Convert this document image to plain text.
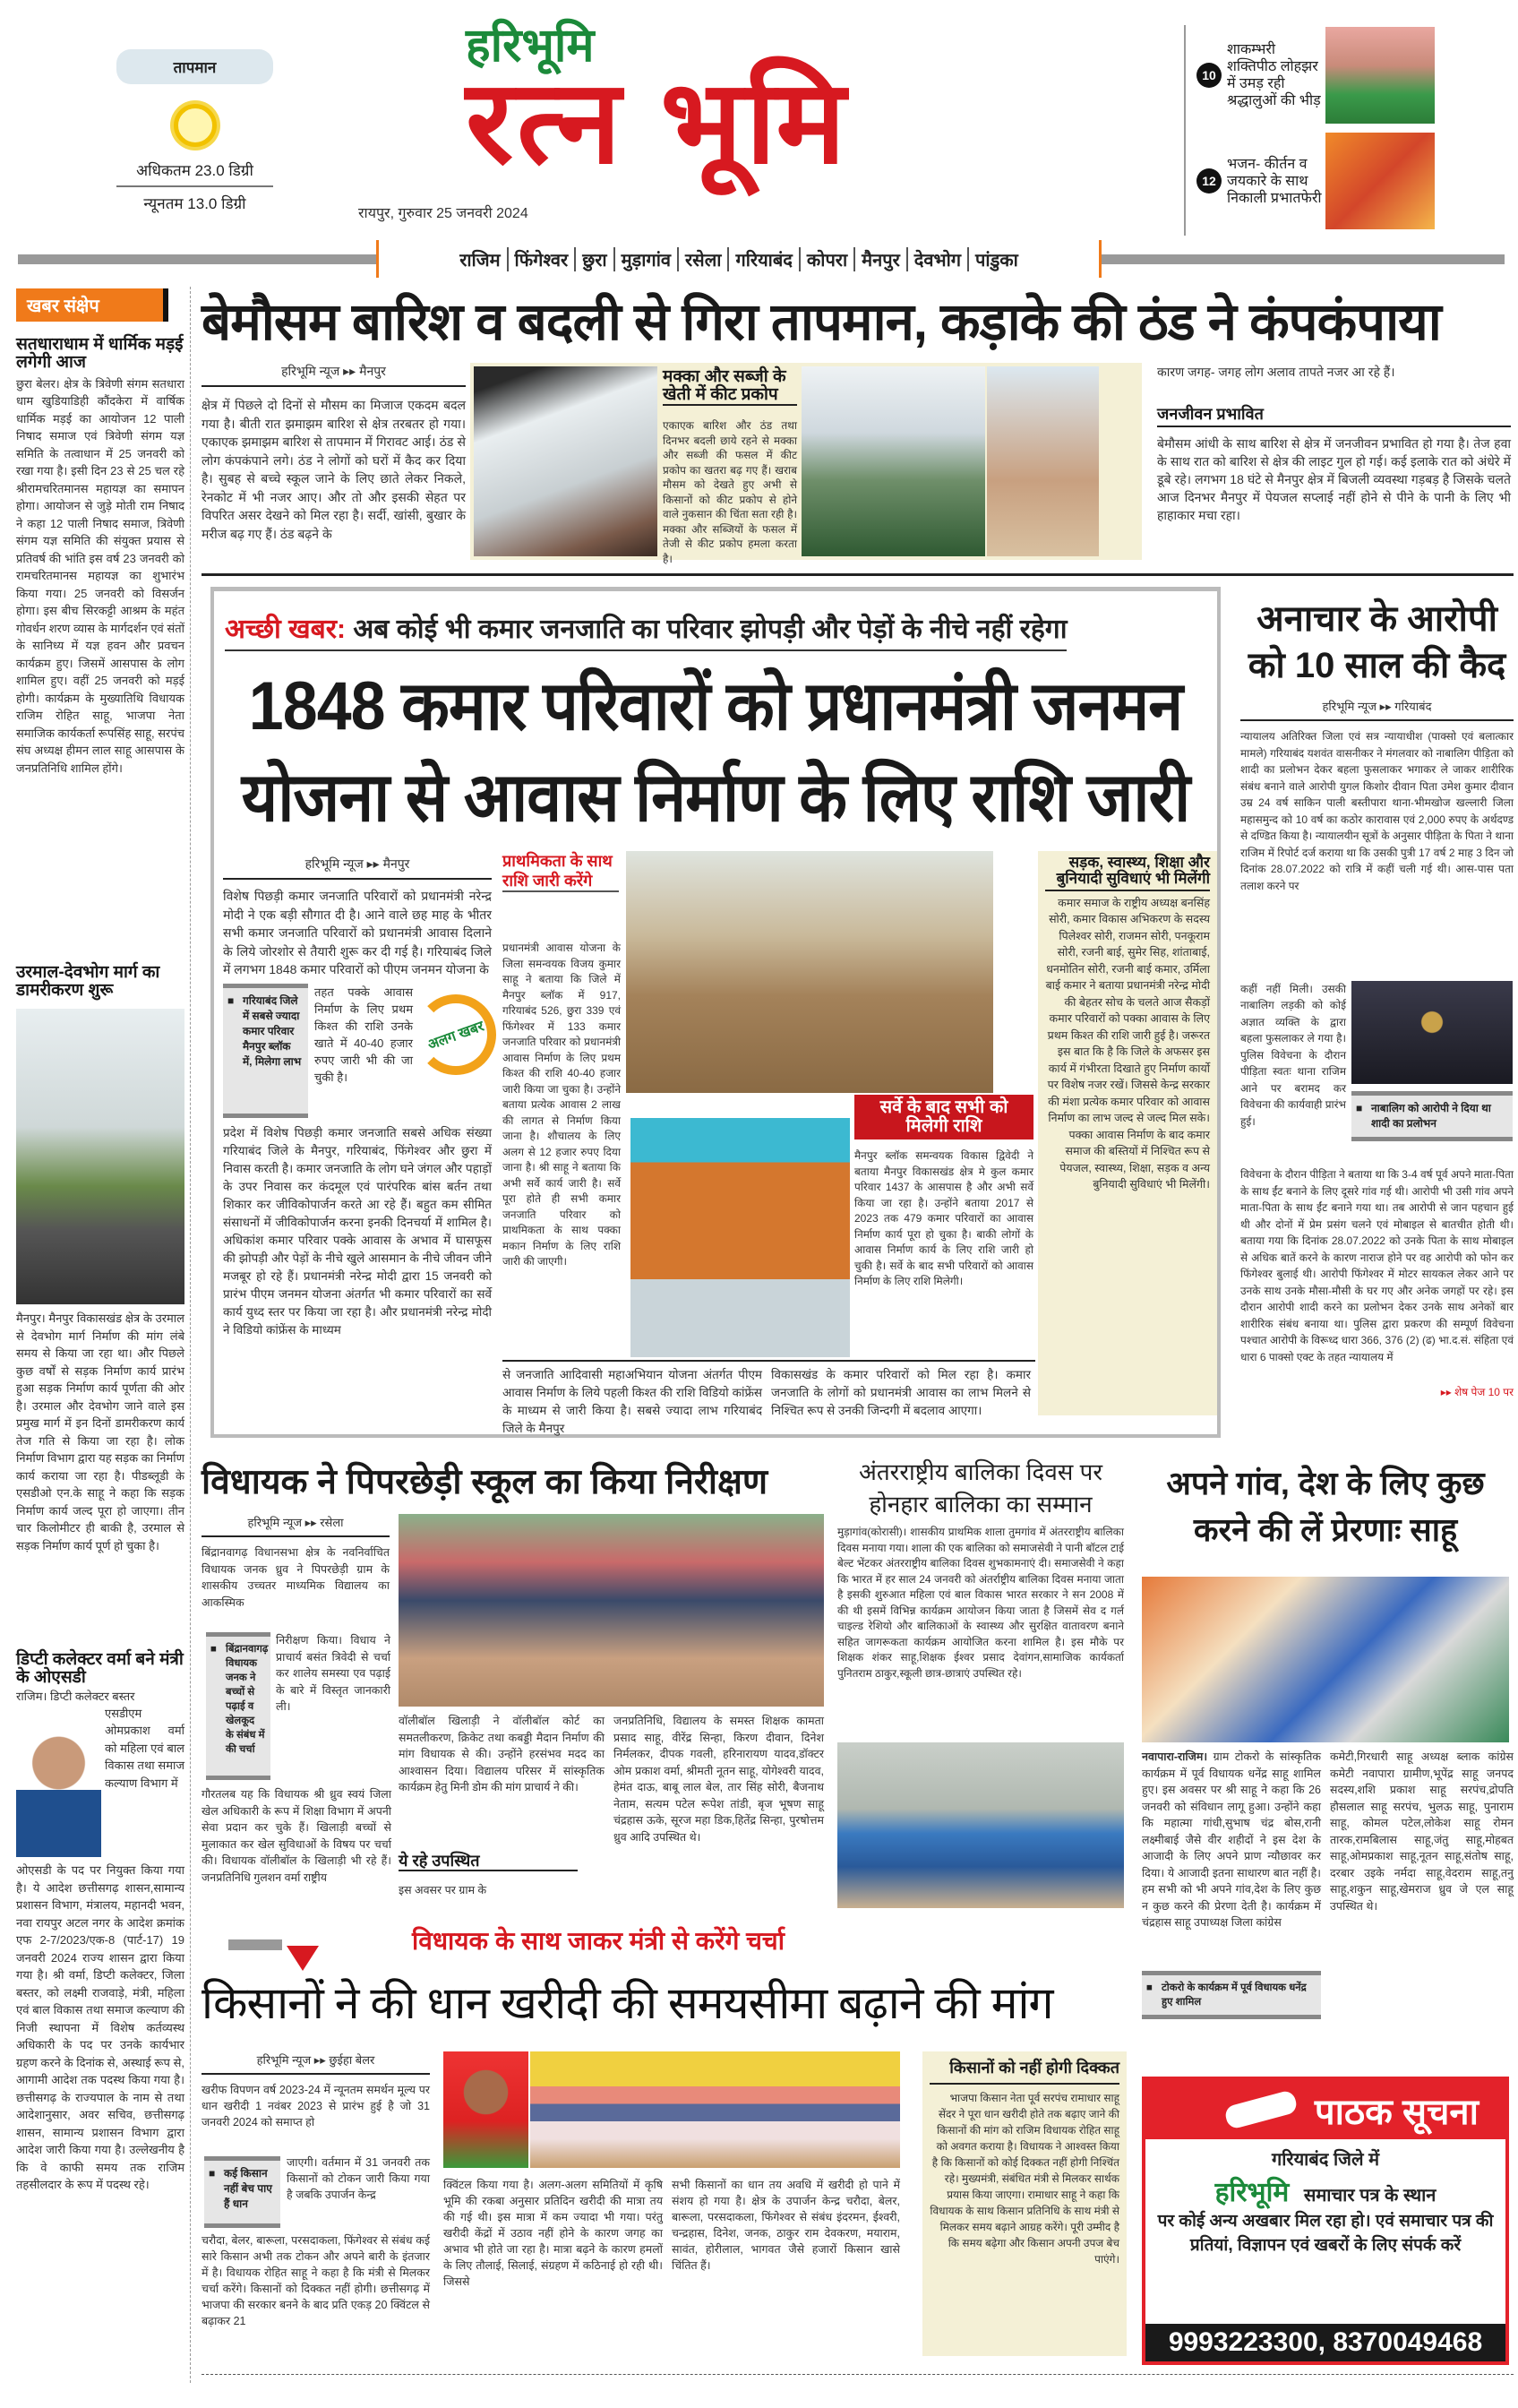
तापमान
अधिकतम 23.0 डिग्री
न्यूनतम 13.0 डिग्री
हरिभूमि
रत्न भूमि
रायपुर, गुरुवार 25 जनवरी 2024
10
शाकम्भरी शक्तिपीठ लोहझर में उमड़ रही श्रद्धालुओं की भीड़
12
भजन- कीर्तन व जयकारे के साथ निकाली प्रभातफेरी
राजिम फिंगेश्वर छुरा मुड़ागांव रसेला गरियाबंद कोपरा मैनपुर देवभोग पांडुका
खबर संक्षेप
सतधाराधाम में धार्मिक मड़ई लगेगी आज
छुरा बेलर। क्षेत्र के त्रिवेणी संगम सतधारा धाम खुडियाडिही कौंदकेरा में वार्षिक धार्मिक मड़ई का आयोजन 12 पाली निषाद समाज एवं त्रिवेणी संगम यज्ञ समिति के तत्वाधान में 25 जनवरी को रखा गया है। इसी दिन 23 से 25 चल रहे श्रीरामचरितमानस महायज्ञ का समापन होगा। आयोजन से जुड़े मोती राम निषाद ने कहा 12 पाली निषाद समाज, त्रिवेणी संगम यज्ञ समिति की संयुक्त प्रयास से प्रतिवर्ष की भांति इस वर्ष 23 जनवरी को रामचरितमानस महायज्ञ का शुभारंभ किया गया। 25 जनवरी को विसर्जन होगा। इस बीच सिरकट्टी आश्रम के महंत गोवर्धन शरण व्यास के मार्गदर्शन एवं संतों के सानिध्य में यज्ञ हवन और प्रवचन कार्यक्रम हुए। जिसमें आसपास के लोग शामिल हुए। वहीं 25 जनवरी को मड़ई होगी। कार्यक्रम के मुख्यातिथि विधायक राजिम रोहित साहू, भाजपा नेता समाजिक कार्यकर्ता रूपसिंह साहू, सरपंच संघ अध्यक्ष हीमन लाल साहू आसपास के जनप्रतिनिधि शामिल होंगे।
उरमाल-देवभोग मार्ग का डामरीकरण शुरू
मैनपुर। मैनपुर विकासखंड क्षेत्र के उरमाल से देवभोग मार्ग निर्माण की मांग लंबे समय से किया जा रहा था। और पिछले कुछ वर्षों से सड़क निर्माण कार्य प्रारंभ हुआ सड़क निर्माण कार्य पूर्णता की ओर है। उरमाल और देवभोग जाने वाले इस प्रमुख मार्ग में इन दिनों डामरीकरण कार्य तेज गति से किया जा रहा है। लोक निर्माण विभाग द्वारा यह सड़क का निर्माण कार्य कराया जा रहा है। पीडब्लूडी के एसडीओ एन.के साहू ने कहा कि सड़क निर्माण कार्य जल्द पूरा हो जाएगा। तीन चार किलोमीटर ही बाकी है, उरमाल से सड़क निर्माण कार्य पूर्ण हो चुका है।
डिप्टी कलेक्टर वर्मा बने मंत्री के ओएसडी
राजिम। डिप्टी कलेक्टर बस्तर
एसडीएम ओमप्रकाश वर्मा को महिला एवं बाल विकास तथा समाज कल्याण विभाग में
ओएसडी के पद पर नियुक्त किया गया है। ये आदेश छत्तीसगढ़ शासन,सामान्य प्रशासन विभाग, मंत्रालय, महानदी भवन, नवा रायपुर अटल नगर के आदेश क्रमांक एफ 2-7/2023/एक-8 (पार्ट-17) 19 जनवरी 2024 राज्य शासन द्वारा किया गया है। श्री वर्मा, डिप्टी कलेक्टर, जिला बस्तर, को लक्ष्मी राजवाड़े, मंत्री, महिला एवं बाल विकास तथा समाज कल्याण की निजी स्थापना में विशेष कर्तव्यस्थ अधिकारी के पद पर उनके कार्यभार ग्रहण करने के दिनांक से, अस्थाई रूप से, आगामी आदेश तक पदस्थ किया गया है। छत्तीसगढ़ के राज्यपाल के नाम से तथा आदेशानुसार, अवर सचिव, छत्तीसगढ़ शासन, सामान्य प्रशासन विभाग द्वारा आदेश जारी किया गया है। उल्लेखनीय है कि वे काफी समय तक राजिम तहसीलदार के रूप में पदस्थ रहे।
बेमौसम बारिश व बदली से गिरा तापमान, कड़ाके की ठंड ने कंपकंपाया
हरिभूमि न्यूज ▸▸ मैनपुर
क्षेत्र में पिछले दो दिनों से मौसम का मिजाज एकदम बदल गया है। बीती रात झमाझम बारिश से क्षेत्र तरबतर हो गया। एकाएक झमाझम बारिश से तापमान में गिरावट आई। ठंड से लोग कंपकंपाने लगे। ठंड ने लोगों को घरों में कैद कर दिया है। सुबह से बच्चे स्कूल जाने के लिए छाते लेकर निकले, रेनकोट में भी नजर आए। और तो और इसकी सेहत पर विपरित असर देखने को मिल रहा है। सर्दी, खांसी, बुखार के मरीज बढ़ गए हैं। ठंड बढ़ने के
मक्का और सब्जी के खेती में कीट प्रकोप
एकाएक बारिश और ठंड तथा दिनभर बदली छाये रहने से मक्का और सब्जी की फसल में कीट प्रकोप का खतरा बढ़ गए हैं। खराब मौसम को देखते हुए अभी से किसानों को कीट प्रकोप से होने वाले नुकसान की चिंता सता रही है। मक्का और सब्जियों के फसल में तेजी से कीट प्रकोप हमला करता है।
कारण जगह- जगह लोग अलाव तापते नजर आ रहे हैं।
जनजीवन प्रभावित
बेमौसम आंधी के साथ बारिश से क्षेत्र में जनजीवन प्रभावित हो गया है। तेज हवा के साथ रात को बारिश से क्षेत्र की लाइट गुल हो गई। कई इलाके रात को अंधेरे में डूबे रहे। लगभग 18 घंटे से मैनपुर क्षेत्र में बिजली व्यवस्था गड़बड़ है जिसके चलते आज दिनभर मैनपुर में पेयजल सप्लाई नहीं होने से पीने के पानी के लिए भी हाहाकार मचा रहा।
अच्छी खबर: अब कोई भी कमार जनजाति का परिवार झोपड़ी और पेड़ों के नीचे नहीं रहेगा
1848 कमार परिवारों को प्रधानमंत्री जनमन योजना से आवास निर्माण के लिए राशि जारी
हरिभूमि न्यूज ▸▸ मैनपुर
विशेष पिछड़ी कमार जनजाति परिवारों को प्रधानमंत्री नरेन्द्र मोदी ने एक बड़ी सौगात दी है। आने वाले छह माह के भीतर सभी कमार जनजाति परिवारों को प्रधानमंत्री आवास दिलाने के लिये जोरशोर से तैयारी शुरू कर दी गई है। गरियाबंद जिले में लगभग 1848 कमार परिवारों को पीएम जनमन योजना के
■ गरियाबंद जिले में सबसे ज्यादा कमार परिवार मैनपुर ब्लॉक में, मिलेगा लाभ
तहत पक्के आवास निर्माण के लिए प्रथम किश्त की राशि उनके खाते में 40-40 हजार रुपए जारी भी की जा चुकी है।
अलग खबर
प्रदेश में विशेष पिछड़ी कमार जनजाति सबसे अधिक संख्या गरियाबंद जिले के मैनपुर, गरियाबंद, फिंगेश्वर और छुरा में निवास करती है। कमार जनजाति के लोग घने जंगल और पहाड़ों के उपर निवास कर कंदमूल एवं पारंपरिक बांस बर्तन तथा शिकार कर जीविकोपार्जन करते आ रहे हैं। बहुत कम सीमित संसाधनों में जीविकोपार्जन करना इनकी दिनचर्या में शामिल है। अधिकांश कमार परिवार पक्के आवास के अभाव में घासफूस की झोपड़ी और पेड़ों के नीचे खुले आसमान के नीचे जीवन जीने मजबूर हो रहे हैं। प्रधानमंत्री नरेन्द्र मोदी द्वारा 15 जनवरी को प्रारंभ पीएम जनमन योजना अंतर्गत भी कमार परिवारों का सर्वे कार्य युध्द स्तर पर किया जा रहा है। और प्रधानमंत्री नरेन्द्र मोदी ने विडियो कांफ्रेंस के माध्यम
प्राथमिकता के साथ राशि जारी करेंगे
प्रधानमंत्री आवास योजना के जिला समन्वयक विजय कुमार साहू ने बताया कि जिले में मैनपुर ब्लॉक में 917, गरियाबंद 526, छुरा 339 एवं फिंगेश्वर में 133 कमार जनजाति परिवार को प्रधानमंत्री आवास निर्माण के लिए प्रथम किश्त की राशि 40-40 हजार जारी किया जा चुका है। उन्होंने बताया प्रत्येक आवास 2 लाख की लागत से निर्माण किया जाना है। शौचालय के लिए अलग से 12 हजार रुपए दिया जाना है। श्री साहू ने बताया कि अभी सर्वे कार्य जारी है। सर्वे पूरा होते ही सभी कमार जनजाति परिवार को प्राथमिकता के साथ पक्का मकान निर्माण के लिए राशि जारी की जाएगी।
सर्वे के बाद सभी को मिलेगी राशि
मैनपुर ब्लॉक समन्वयक विकास द्विवेदी ने बताया मैनपुर विकासखंड क्षेत्र मे कुल कमार परिवार 1437 के आसपास है और अभी सर्वे किया जा रहा है। उन्होंने बताया 2017 से 2023 तक 479 कमार परिवारों का आवास निर्माण कार्य पूरा हो चुका है। बाकी लोगों के आवास निर्माण कार्य के लिए राशि जारी हो चुकी है। सर्वे के बाद सभी परिवारों को आवास निर्माण के लिए राशि मिलेगी।
से जनजाति आदिवासी महाअभियान योजना अंतर्गत पीएम आवास निर्माण के लिये पहली किश्त की राशि विडियो कांफ्रेंस के माध्यम से जारी किया है। सबसे ज्यादा लाभ गरियाबंद जिले के मैनपुर
विकासखंड के कमार परिवारों को मिल रहा है। कमार जनजाति के लोगों को प्रधानमंत्री आवास का लाभ मिलने से निश्चित रूप से उनकी जिन्दगी में बदलाव आएगा।
सड़क, स्वास्थ्य, शिक्षा और बुनियादी सुविधाएं भी मिलेंगी
कमार समाज के राष्ट्रीय अध्यक्ष बनसिंह सोरी, कमार विकास अभिकरण के सदस्य पिलेश्वर सोरी, राजमन सोरी, पनकूराम सोरी, रजनी बाई, सुमेर सिह, शांताबाई, धनमोतिन सोरी, रजनी बाई कमार, उर्मिला बाई कमार ने बताया प्रधानमंत्री नरेन्द्र मोदी की बेहतर सोच के चलते आज सैकड़ों कमार परिवारों को पक्का आवास के लिए प्रथम किश्त की राशि जारी हुई है। जरूरत इस बात कि है कि जिले के अफसर इस कार्य में गंभीरता दिखाते हुए निर्माण कार्यो पर विशेष नजर रखें। जिससे केन्द्र सरकार की मंशा प्रत्येक कमार परिवार को आवास निर्माण का लाभ जल्द से जल्द मिल सके। पक्का आवास निर्माण के बाद कमार समाज की बस्तियों में निश्चित रूप से पेयजल, स्वास्थ्य, शिक्षा, सड़क व अन्य बुनियादी सुविधाएं भी मिलेंगी।
अनाचार के आरोपी को 10 साल की कैद
हरिभूमि न्यूज ▸▸ गरियाबंद
न्यायालय अतिरिक्त जिला एवं सत्र न्यायाधीश (पाक्सो एवं बलात्कार मामले) गरियाबंद यशवंत वासनीकर ने मंगलवार को नाबालिग पीड़िता को शादी का प्रलोभन देकर बहला फुसलाकर भगाकर ले जाकर शारीरिक संबंध बनाने वाले आरोपी युगल किशोर दीवान पिता उमेश कुमार दीवान उम्र 24 वर्ष साकिन पाली बस्तीपारा थाना-भीमखोज खल्लारी जिला महासमुन्द को 10 वर्ष का कठोर कारावास एवं 2,000 रुपए के अर्थदण्ड से दण्डित किया है। न्यायालयीन सूत्रों के अनुसार पीड़िता के पिता ने थाना राजिम में रिपोर्ट दर्ज कराया था कि उसकी पुत्री 17 वर्ष 2 माह 3 दिन जो दिनांक 28.07.2022 को रात्रि में कहीं चली गई थी। आस-पास पता तलाश करने पर
कहीं नहीं मिली। उसकी नाबालिग लड़की को कोई अज्ञात व्यक्ति के द्वारा बहला फुसलाकर ले गया है। पुलिस विवेचना के दौरान पीड़िता स्वतः थाना राजिम आने पर बरामद कर विवेचना की कार्यवाही प्रारंभ हुई।
■ नाबालिग को आरोपी ने दिया था शादी का प्रलोभन
विवेचना के दौरान पीड़िता ने बताया था कि 3-4 वर्ष पूर्व अपने माता-पिता के साथ ईंट बनाने के लिए दूसरे गांव गई थी। आरोपी भी उसी गांव अपने माता-पिता के साथ ईंट बनाने गया था। तब आरोपी से जान पहचान हुई थी और दोनों में प्रेम प्रसंग चलने एवं मोबाइल से बातचीत होती थी। बताया गया कि दिनांक 28.07.2022 को उनके पिता के साथ मोबाइल से अधिक बातें करने के कारण नाराज होने पर वह आरोपी को फोन कर फिंगेश्वर बुलाई थी। आरोपी फिंगेश्वर में मोटर सायकल लेकर आने पर उनके साथ उनके मौसा-मौसी के घर गए और अनेक जगहों पर रहे। इस दौरान आरोपी शादी करने का प्रलोभन देकर उनके साथ अनेकों बार शारीरिक संबंध बनाया था। पुलिस द्वारा प्रकरण की सम्पूर्ण विवेचना पश्चात आरोपी के विरूध्द धारा 366, 376 (2) (ढ) भा.द.सं. संहिता एवं धारा 6 पाक्सो एक्ट के तहत न्यायालय में
▸▸ शेष पेज 10 पर
विधायक ने पिपरछेड़ी स्कूल का किया निरीक्षण
हरिभूमि न्यूज ▸▸ रसेला
बिंद्रानवागढ़ विधानसभा क्षेत्र के नवनिर्वाचित विधायक जनक ध्रुव ने पिपरछेड़ी ग्राम के शासकीय उच्चतर माध्यमिक विद्यालय का आकस्मिक
■ बिंद्रानवागढ़ विधायक जनक ने बच्चों से पढ़ाई व खेलकूद के संबंध में की चर्चा
निरीक्षण किया। विधाय ने प्राचार्य बसंत त्रिवेदी से चर्चा कर शालेय समस्या एव पढ़ाई के बारे में विस्तृत जानकारी ली।
गौरतलब यह कि विधायक श्री ध्रुव स्वयं जिला खेल अधिकारी के रूप में शिक्षा विभाग में अपनी सेवा प्रदान कर चुके हैं। खिलाड़ी बच्चों से मुलाकात कर खेल सुविधाओं के विषय पर चर्चा की। विधायक वॉलीबॉल के खिलाड़ी भी रहे हैं। जनप्रतिनिधि गुलशन वर्मा राष्ट्रीय
वॉलीबॉल खिलाड़ी ने वॉलीबॉल कोर्ट का समतलीकरण, क्रिकेट तथा कबड्डी मैदान निर्माण की मांग विधायक से की। उन्होंने हरसंभव मदद का आश्वासन दिया। विद्यालय परिसर में सांस्कृतिक कार्यक्रम हेतु मिनी डोम की मांग प्राचार्य ने की।
ये रहे उपस्थित
इस अवसर पर ग्राम के
जनप्रतिनिधि, विद्यालय के समस्त शिक्षक कामता प्रसाद साहू, वीरेंद्र सिन्हा, किरण दीवान, दिनेश निर्मलकर, दीपक गवली, हरिनारायण यादव,डॉक्टर ओम प्रकाश वर्मा, श्रीमती नूतन साहू, योगेश्वरी यादव, हेमंत दाऊ, बाबू लाल बेल, तार सिंह सोरी, बैजनाथ नेताम, सत्यम पटेल रूपेश तांडी, बृज भूषण साहू चंद्रहास ऊके, सूरज महा डिक,हितेंद्र सिन्हा, पुरषोत्तम ध्रुव आदि उपस्थित थे।
अंतरराष्ट्रीय बालिका दिवस पर होनहार बालिका का सम्मान
मुड़ागांव(कोरासी)। शासकीय प्राथमिक शाला तुमगांव में अंतरराष्ट्रीय बालिका दिवस मनाया गया। शाला की एक बालिका को समाजसेवी ने पानी बॉटल टाई बेल्ट भेंटकर अंतरराष्ट्रीय बालिका दिवस शुभकामनाएं दी। समाजसेवी ने कहा कि भारत में हर साल 24 जनवरी को अंतर्राष्ट्रीय बालिका दिवस मनाया जाता है इसकी शुरुआत महिला एवं बाल विकास भारत सरकार ने सन 2008 में की थी इसमें विभिन्न कार्यक्रम आयोजन किया जाता है जिसमें सेव द गर्ल चाइल्ड रेशियो और बालिकाओं के स्वास्थ्य और सुरक्षित वातावरण बनाने सहित जागरूकता कार्यक्रम आयोजित करना शामिल है। इस मौके पर शिक्षक शंकर साहू,शिक्षक ईश्वर प्रसाद देवांगन,सामाजिक कार्यकर्ता पुनितराम ठाकुर,स्कूली छात्र-छात्राएं उपस्थित रहे।
अपने गांव, देश के लिए कुछ करने की लें प्रेरणाः साहू
नवापारा-राजिम। ग्राम टोकरो के सांस्कृतिक कार्यक्रम में पूर्व विधायक धनेंद्र साहू शामिल हुए। इस अवसर पर श्री साहू ने कहा कि 26 जनवरी को संविधान लागू हुआ। उन्होंने कहा कि महात्मा गांधी,सुभाष चंद्र बोस,रानी लक्ष्मीबाई जैसे वीर शहीदों ने इस देश के आजादी के लिए अपने प्राण न्यौछावर कर दिया। ये आजादी इतना साधारण बात नहीं है। हम सभी को भी अपने गांव,देश के लिए कुछ न कुछ करने की प्रेरणा देती है। कार्यक्रम में चंद्रहास साहू उपाध्यक्ष जिला कांग्रेस
■ टोकरो के कार्यक्रम में पूर्व विधायक धनेंद्र हुए शामिल
कमेटी,गिरधारी साहू अध्यक्ष ब्लाक कांग्रेस कमेटी नवापारा ग्रामीण,भूपेंद्र साहू जनपद सदस्य,शशि प्रकाश साहू सरपंच,द्रोपति हौसलाल साहू सरपंच, भुलऊ साहू, पुनाराम साहू, कोमल पटेल,लोकेश साहू रोमन तारक,रामबिलास साहू,जंतु साहू,मोहबत साहू,ओमप्रकाश साहू,नूतन साहू,संतोष साहू, दरबार उइके नर्मदा साहू,वेदराम साहू,तनु साहू,शकुन साहू,खेमराज ध्रुव जे एल साहू उपस्थित थे।
विधायक के साथ जाकर मंत्री से करेंगे चर्चा
किसानों ने की धान खरीदी की समयसीमा बढ़ाने की मांग
हरिभूमि न्यूज ▸▸ छुईहा बेलर
खरीफ विपणन वर्ष 2023-24 में न्यूनतम समर्थन मूल्य पर धान खरीदी 1 नवंबर 2023 से प्रारंभ हुई है जो 31 जनवरी 2024 को समाप्त हो
■ कई किसान नहीं बेच पाए हैं धान
जाएगी। वर्तमान में 31 जनवरी तक किसानों को टोकन जारी किया गया है जबकि उपार्जन केन्द्र
चरौदा, बेलर, बारूला, परसदाकला, फिंगेश्वर से संबंध कई सारे किसान अभी तक टोकन और अपने बारी के इंतजार में है। विधायक रोहित साहू ने कहा है कि मंत्री से मिलकर चर्चा करेंगे। किसानों को दिक्कत नहीं होगी। छत्तीसगढ़ में भाजपा की सरकार बनने के बाद प्रति एकड़ 20 क्विंटल से बढ़ाकर 21
क्विंटल किया गया है। अलग-अलग समितियों में कृषि भूमि की रकबा अनुसार प्रतिदिन खरीदी की मात्रा तय की गई थी। इस मात्रा में कम ज्यादा भी गया। परंतु खरीदी केंद्रों में उठाव नहीं होने के कारण जगह का अभाव भी होते जा रहा है। मात्रा बढ़ने के कारण हमलों के लिए तौलाई, सिलाई, संग्रहण में कठिनाई हो रही थी। जिससे
सभी किसानों का धान तय अवधि में खरीदी हो पाने में संशय हो गया है। क्षेत्र के उपार्जन केन्द्र चरौदा, बेलर, बारूला, परसदाकला, फिंगेश्वर से संबंध इंदरमन, ईश्वरी, चन्द्रहास, दिनेश, जनक, ठाकुर राम देवकरण, मयाराम, सावंत, होरीलाल, भागवत जैसे हजारों किसान खासे चिंतित हैं।
किसानों को नहीं होगी दिक्कत
भाजपा किसान नेता पूर्व सरपंच रामाधार साहू सेंदर ने पूरा धान खरीदी होते तक बढ़ाए जाने की किसानों की मांग को राजिम विधायक रोहित साहू को अवगत कराया है। विधायक ने आश्वस्त किया है कि किसानों को कोई दिक्कत नहीं होगी निश्चिंत रहे। मुख्यमंत्री, संबंधित मंत्री से मिलकर सार्थक प्रयास किया जाएगा। रामाधार साहू ने कहा कि विधायक के साथ किसान प्रतिनिधि के साथ मंत्री से मिलकर समय बढ़ाने आग्रह करेंगे। पूरी उम्मीद है कि समय बढ़ेगा और किसान अपनी उपज बेच पाएंगे।
पाठक सूचना
गरियाबंद जिले में
हरिभूमि समाचार पत्र के स्थान
पर कोई अन्य अखबार मिल रहा हो। एवं समाचार पत्र की प्रतियां, विज्ञापन एवं खबरों के लिए संपर्क करें
9993223300, 8370049468
